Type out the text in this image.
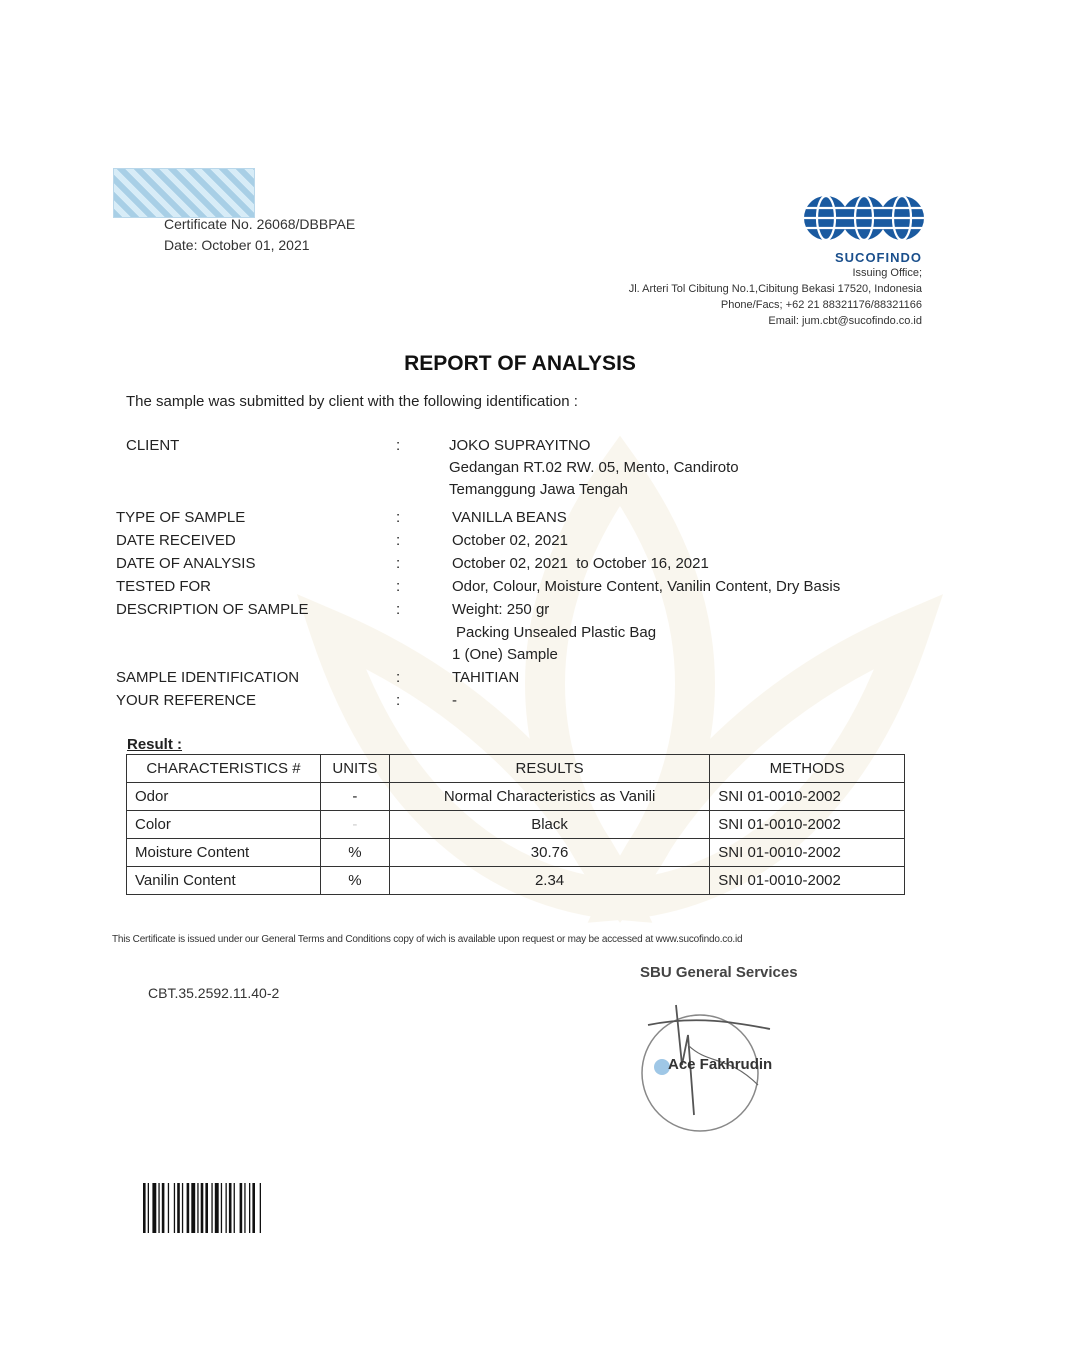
Certificate No. 26068/DBBPAE
Date: October 01, 2021
SUCOFINDO
Issuing Office;
Jl. Arteri Tol Cibitung No.1,Cibitung Bekasi 17520, Indonesia
Phone/Facs; +62 21 88321176/88321166
Email: jum.cbt@sucofindo.co.id
REPORT OF ANALYSIS
The sample was submitted by client with the following identification :
CLIENT	:	JOKO SUPRAYITNO
Gedangan RT.02 RW. 05, Mento, Candiroto
Temanggung Jawa Tengah
TYPE OF SAMPLE	:	VANILLA BEANS
DATE RECEIVED	:	October 02, 2021
DATE OF ANALYSIS	:	October 02, 2021  to October 16, 2021
TESTED FOR	:	Odor, Colour, Moisture Content, Vanilin Content, Dry Basis
DESCRIPTION OF SAMPLE	:	Weight: 250 gr
Packing Unsealed Plastic Bag
1 (One) Sample
SAMPLE IDENTIFICATION	:	TAHITIAN
YOUR REFERENCE	:	-
Result :
CHARACTERISTICS #	UNITS	RESULTS	METHODS
Odor	-	Normal Characteristics as Vanili	SNI 01-0010-2002
Color	-	Black	SNI 01-0010-2002
Moisture Content	%	30.76	SNI 01-0010-2002
Vanilin Content	%	2.34	SNI 01-0010-2002
This Certificate is issued under our General Terms and Conditions copy of wich is available upon request or may be accessed at www.sucofindo.co.id
CBT.35.2592.11.40-2
SBU General Services
Ace Fakhrudin
